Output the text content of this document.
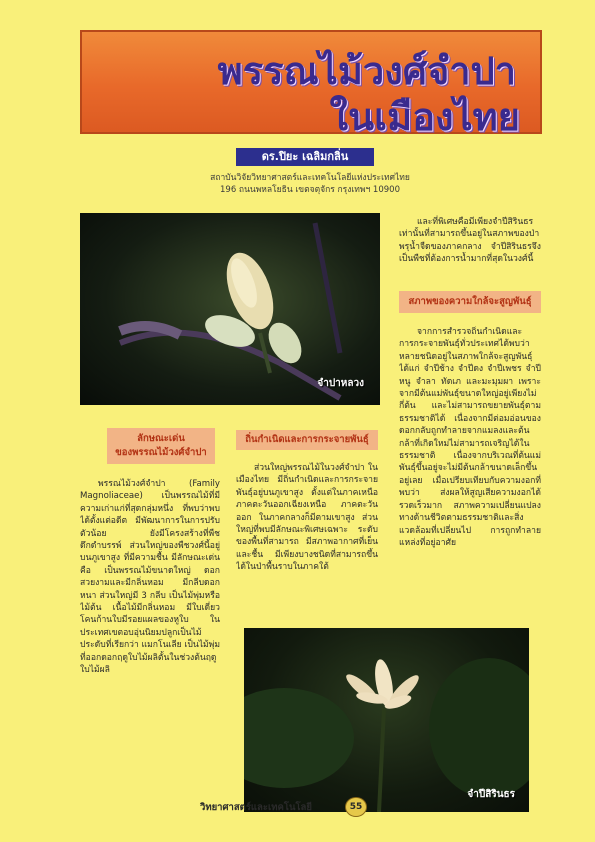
พรรณไม้วงศ์จำปา
ในเมืองไทย
ดร.ปิยะ เฉลิมกลิ่น
สถาบันวิจัยวิทยาศาสตร์และเทคโนโลยีแห่งประเทศไทย
196 ถนนพหลโยธิน เขตจตุจักร กรุงเทพฯ 10900
จำปาหลวง

และที่พิเศษคือมีเพียงจำปีสิรินธร เท่านั้นที่สามารถขึ้นอยู่ในสภาพของป่าพรุน้ำจืดของภาคกลาง จำปีสิรินธรจึงเป็นพืชที่ต้องการน้ำมากที่สุดในวงศ์นี้

สภาพของความใกล้จะสูญพันธุ์

จากการสำรวจถิ่นกำเนิดและการกระจายพันธุ์ทั่วประเทศได้พบว่า หลายชนิดอยู่ในสภาพใกล้จะสูญพันธุ์ ได้แก่ จำปีช้าง จำปีดง จำปีเพชร จำปีหนู จำลา ทัดเภ และมะมุมผา เพราะจากมีต้นแม่พันธุ์ขนาดใหญ่อยู่เพียงไม่กี่ต้น และไม่สามารถขยายพันธุ์ตามธรรมชาติได้ เนื่องจากมีต่อมอ่อนของดอกกลับถูกทำลายจากแมลงและต้นกล้าที่เกิดใหม่ไม่สามารถเจริญได้ในธรรมชาติ เนื่องจากบริเวณที่ต้นแม่พันธุ์ขึ้นอยู่จะไม่มีต้นกล้าขนาดเล็กขึ้นอยู่เลย เมื่อเปรียบเทียบกับความงอกที่พบว่า ส่งผลให้สูญเสียความงอกได้รวดเร็วมาก สภาพความเปลี่ยนแปลงทางด้านชีวิตตามธรรมชาติและสิ่งแวดล้อมที่เปลี่ยนไป การถูกทำลายแหล่งที่อยู่อาศัย

ลักษณะเด่น
ของพรรณไม้วงศ์จำปา

พรรณไม้วงศ์จำปา (Family Magnoliaceae) เป็นพรรณไม้ที่มีความเก่าแก่ที่สุดกลุ่มหนึ่ง ที่พบว่าพบได้ตั้งแต่อดีต มีพัฒนาการในการปรับตัวน้อย ยังมีโครงสร้างที่พืชดึกดำบรรพ์ ส่วนใหญ่ของพืชวงศ์นี้อยู่บนภูเขาสูง ที่มีความชื้น มีลักษณะเด่นคือ เป็นพรรณไม้ขนาดใหญ่ ดอกสวยงามและมีกลิ่นหอม มีกลีบดอกหนา ส่วนใหญ่มี 3 กลีบ เป็นไม้พุ่มหรือไม้ต้น เนื้อไม้มีกลิ่นหอม มีใบเดี่ยว โคนก้านใบมีรอยแผลของหูใบ ในประเทศเขตอบอุ่นนิยมปลูกเป็นไม้ประดับที่เรียกว่า แมกโนเลีย เป็นไม้พุ่มที่ออกดอกฤดูใบไม้ผลิตั้นในช่วงต้นฤดูใบไม้ผลิ

ถิ่นกำเนิดและการกระจายพันธุ์

ส่วนใหญ่พรรณไม้ในวงศ์จำปา ในเมืองไทย มีถิ่นกำเนิดและการกระจายพันธุ์อยู่บนภูเขาสูง ตั้งแต่ในภาคเหนือ ภาคตะวันออกเฉียงเหนือ ภาคตะวันออก ในภาคกลางก็มีตามเขาสูง ส่วนใหญ่ที่พบมีลักษณะพิเศษเฉพาะ ระดับของพื้นที่สามารถ มีสภาพอากาศที่เย็นและชื้น มีเพียงบางชนิดที่สามารถขึ้นได้ในป่าพื้นราบในภาคใต้

จำปีสิรินธร
วิทยาศาสตร์และเทคโนโลยี	55
